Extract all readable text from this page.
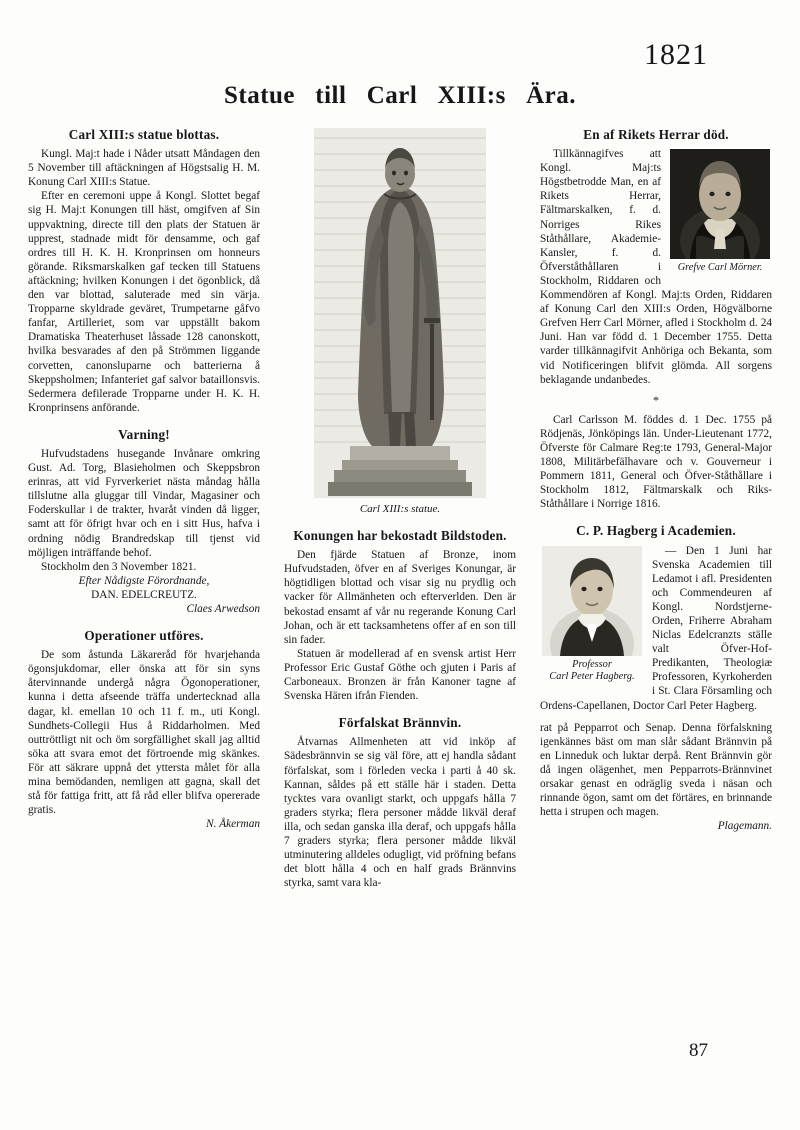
1821
Statue till Carl XIII:s Ära.
Carl XIII:s statue blottas.

Kungl. Maj:t hade i Nåder utsatt Måndagen den 5 November till aftäckningen af Högstsalig H. M. Konung Carl XIII:s Statue.

Efter en ceremoni uppe å Kongl. Slottet begaf sig H. Maj:t Konungen till häst, omgifven af Sin uppvaktning, directe till den plats der Statuen är upprest, stadnade midt för densamme, och gaf ordres till H. K. H. Kronprinsen om honneurs görande. Riksmarskalken gaf tecken till Statuens aftäckning; hvilken Konungen i det ögonblick, då den var blottad, saluterade med sin värja. Tropparne skyldrade geväret, Trumpetarne gåfvo fanfar, Artilleriet, som var uppställt bakom Dramatiska Theaterhuset låssade 128 canonskott, hvilka besvarades af den på Strömmen liggande corvetten, canonsluparne och batterierna å Skeppsholmen; Infanteriet gaf salvor bataillonsvis. Sedermera defilerade Tropparne under H. K. H. Kronprinsens anförande.

Varning!

Hufvudstadens husegande Invånare omkring Gust. Ad. Torg, Blasieholmen och Skeppsbron erinras, att vid Fyrverkeriet nästa måndag hålla tillslutne alla gluggar till Vindar, Magasiner och Foderskullar i de trakter, hvaråt vinden då ligger, samt att för öfrigt hvar och en i sitt Hus, hafva i ordning nödig Brandredskap till tjenst vid möjligen inträffande behof.

Stockholm den 3 November 1821.

Efter Nådigste Förordnande,

DAN. EDELCREUTZ.

Claes Arwedson

Operationer utföres.

De som åstunda Läkareråd för hvarjehanda ögonsjukdomar, eller önska att för sin syns återvinnande undergå några Ögonoperationer, kunna i detta afseende träffa undertecknad alla dagar, kl. emellan 10 och 11 f. m., uti Kongl. Sundhets-Collegii Hus å Riddarholmen. Med outtröttligt nit och öm sorgfällighet skall jag alltid söka att svara emot det förtroende mig skänkes. För att säkrare uppnå det yttersta målet för alla mina bemödanden, nemligen att gagna, skall det stå för fattiga fritt, att få råd eller blifva opererade gratis.

N. Åkerman

Carl XIII:s statue.
Konungen har bekostadt Bildstoden.

Den fjärde Statuen af Bronze, inom Hufvudstaden, öfver en af Sveriges Konungar, är högtidligen blottad och visar sig nu prydlig och vacker för Allmänheten och efterverlden. Den är bekostad ensamt af vår nu regerande Konung Carl Johan, och är ett tacksamhetens offer af en son till sin fader.

Statuen är modellerad af en svensk artist Herr Professor Eric Gustaf Göthe och gjuten i Paris af Carboneaux. Bronzen är från Kanoner tagne af Svenska Hären ifrån Fienden.

Förfalskat Brännvin.

Åtvarnas Allmenheten att vid inköp af Sädesbrännvin se sig väl före, att ej handla sådant förfalskat, som i förleden vecka i parti å 40 sk. Kannan, såldes på ett ställe här i staden. Detta tycktes vara ovanligt starkt, och uppgafs hålla 7 graders styrka; flera personer mådde likväl deraf illa, och sedan ganska illa deraf, och uppgafs hålla 7 graders styrka; flera personer mådde likväl utminutering alldeles odugligt, vid pröfning befans det blott hålla 4 och en half grads Brännvins styrka, samt vara kla-

En af Rikets Herrar död.
Grefve Carl Mörner.

Tillkännagifves att Kongl. Maj:ts Högstbetrodde Man, en af Rikets Herrar, Fältmarskalken, f. d. Norriges Rikes Ståthållare, Akademie-Kansler, f. d. Öfverståthållaren i Stockholm, Riddaren och Kommendören af Kongl. Maj:ts Orden, Riddaren af Konung Carl den XIII:s Orden, Högvälborne Grefven Herr Carl Mörner, afled i Stockholm d. 24 Juni. Han var född d. 1 December 1755. Detta varder tillkännagifvit Anhöriga och Bekanta, som vid Notificeringen blifvit glömda. All sorgens beklagande undanbedes.

*

Carl Carlsson M. föddes d. 1 Dec. 1755 på Rödjenäs, Jönköpings län. Under-Lieutenant 1772, Öfverste för Calmare Reg:te 1793, General-Major 1808, Militärbefälhavare och v. Gouverneur i Pommern 1811, General och Öfver-Ståthållare i Stockholm 1812, Fältmarskalk och Riks-Ståthållare i Norrige 1816.

C. P. Hagberg i Academien.
Professor
Carl Peter Hagberg.

— Den 1 Juni har Svenska Academien till Ledamot i afl. Presidenten och Commendeuren af Kongl. Nordstjerne-Orden, Friherre Abraham Niclas Edelcranzts ställe valt Öfver-Hof-Predikanten, Theologiæ Professoren, Kyrkoherden i St. Clara Församling och Ordens-Capellanen, Doctor Carl Peter Hagberg.

rat på Pepparrot och Senap. Denna förfalskning igenkännes bäst om man slår sådant Brännvin på en Linneduk och luktar derpå. Rent Brännvin gör då ingen olägenhet, men Pepparrots-Brännvinet orsakar genast en odräglig sveda i näsan och rinnande ögon, samt om det förtäres, en brinnande hetta i strupen och magen.

Plagemann.

87
